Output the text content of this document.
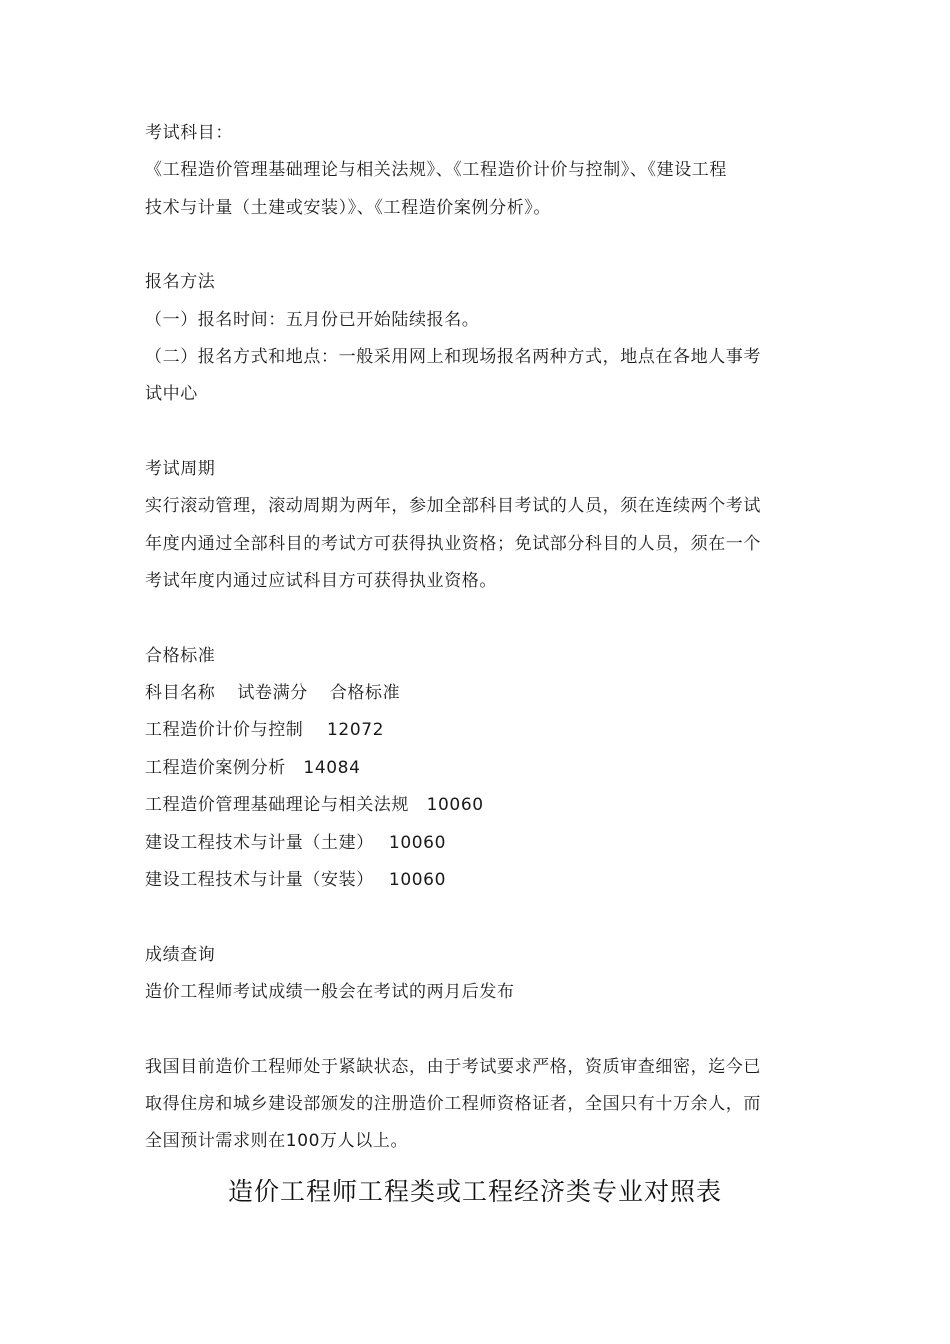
考试科目：
《工程造价管理基础理论与相关法规》、《工程造价计价与控制》、《建设工程
技术与计量（土建或安装）》、《工程造价案例分析》。
报名方法
（一）报名时间：五月份已开始陆续报名。
（二）报名方式和地点：一般采用网上和现场报名两种方式，地点在各地人事考
试中心
考试周期
实行滚动管理，滚动周期为两年，参加全部科目考试的人员，须在连续两个考试
年度内通过全部科目的考试方可获得执业资格；免试部分科目的人员，须在一个
考试年度内通过应试科目方可获得执业资格。
合格标准
科目名称 试卷满分 合格标准
工程造价计价与控制　 12072
工程造价案例分析　14084
工程造价管理基础理论与相关法规　10060
建设工程技术与计量（土建）　 10060
建设工程技术与计量（安装）　 10060
成绩查询
造价工程师考试成绩一般会在考试的两月后发布
我国目前造价工程师处于紧缺状态，由于考试要求严格，资质审查细密，迄今已
取得住房和城乡建设部颁发的注册造价工程师资格证者，全国只有十万余人，而
全国预计需求则在100万人以上。
造价工程师工程类或工程经济类专业对照表
